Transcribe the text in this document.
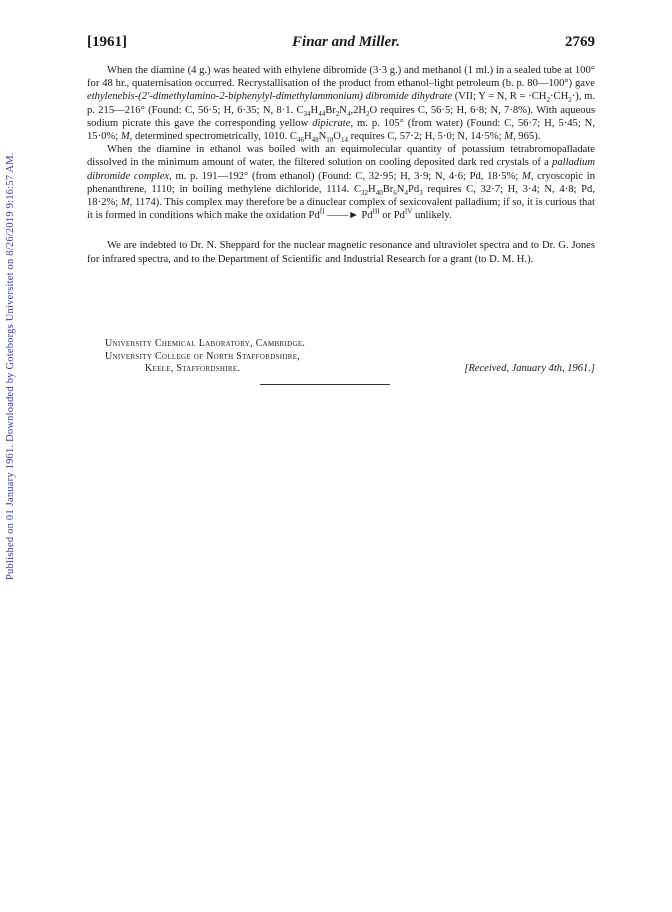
Published on 01 January 1961. Downloaded by Goteborgs Universitet on 8/26/2019 9:16:57 AM.
[1961]	Finar and Miller.	2769

When the diamine (4 g.) was heated with ethylene dibromide (3·3 g.) and methanol (1 ml.) in a sealed tube at 100° for 48 hr., quaternisation occurred. Recrystallisation of the product from ethanol–light petroleum (b. p. 80—100°) gave ethylenebis-(2′-dimethylamino-2-biphenylyl-dimethylammonium) dibromide dihydrate (VII; Y = N, $R = \cdot CH_2\cdot CH_2\cdot$), m. p. 215—216° (Found: C, 56·5; H, 6·35; N, 8·1. $C_{34}H_{44}Br_2N_4,2H_2O$ requires C, 56·5; H, 6·8; N, 7·8%). With aqueous sodium picrate this gave the corresponding yellow dipicrate, m. p. 105° (from water) (Found: C, 56·7; H, 5·45; N, 15·0%; M, determined spectrometrically, 1010. $C_{46}H_{48}N_{10}O_{14}$ requires C, 57·2; H, 5·0; N, 14·5%; M, 965).

When the diamine in ethanol was boiled with an equimolecular quantity of potassium tetrabromopalladate dissolved in the minimum amount of water, the filtered solution on cooling deposited dark red crystals of a palladium dibromide complex, m. p. 191—192° (from ethanol) (Found: C, 32·95; H, 3·9; N, 4·6; Pd, 18·5%; M, cryoscopic in phenanthrene, 1110; in boiling methylene dichloride, 1114. $C_{32}H_{40}Br_6N_4Pd_3$ requires C, 32·7; H, 3·4; N, 4·8; Pd, 18·2%; M, 1174). This complex may therefore be a dinuclear complex of sexicovalent palladium; if so, it is curious that it is formed in conditions which make the oxidation $Pd^{II}$ ——► $Pd^{III}$ or $Pd^{IV}$ unlikely.

We are indebted to Dr. N. Sheppard for the nuclear magnetic resonance and ultraviolet spectra and to Dr. G. Jones for infrared spectra, and to the Department of Scientific and Industrial Research for a grant (to D. M. H.).

University Chemical Laboratory, Cambridge.
University College of North Staffordshire,
Keele, Staffordshire.	[Received, January 4th, 1961.]
